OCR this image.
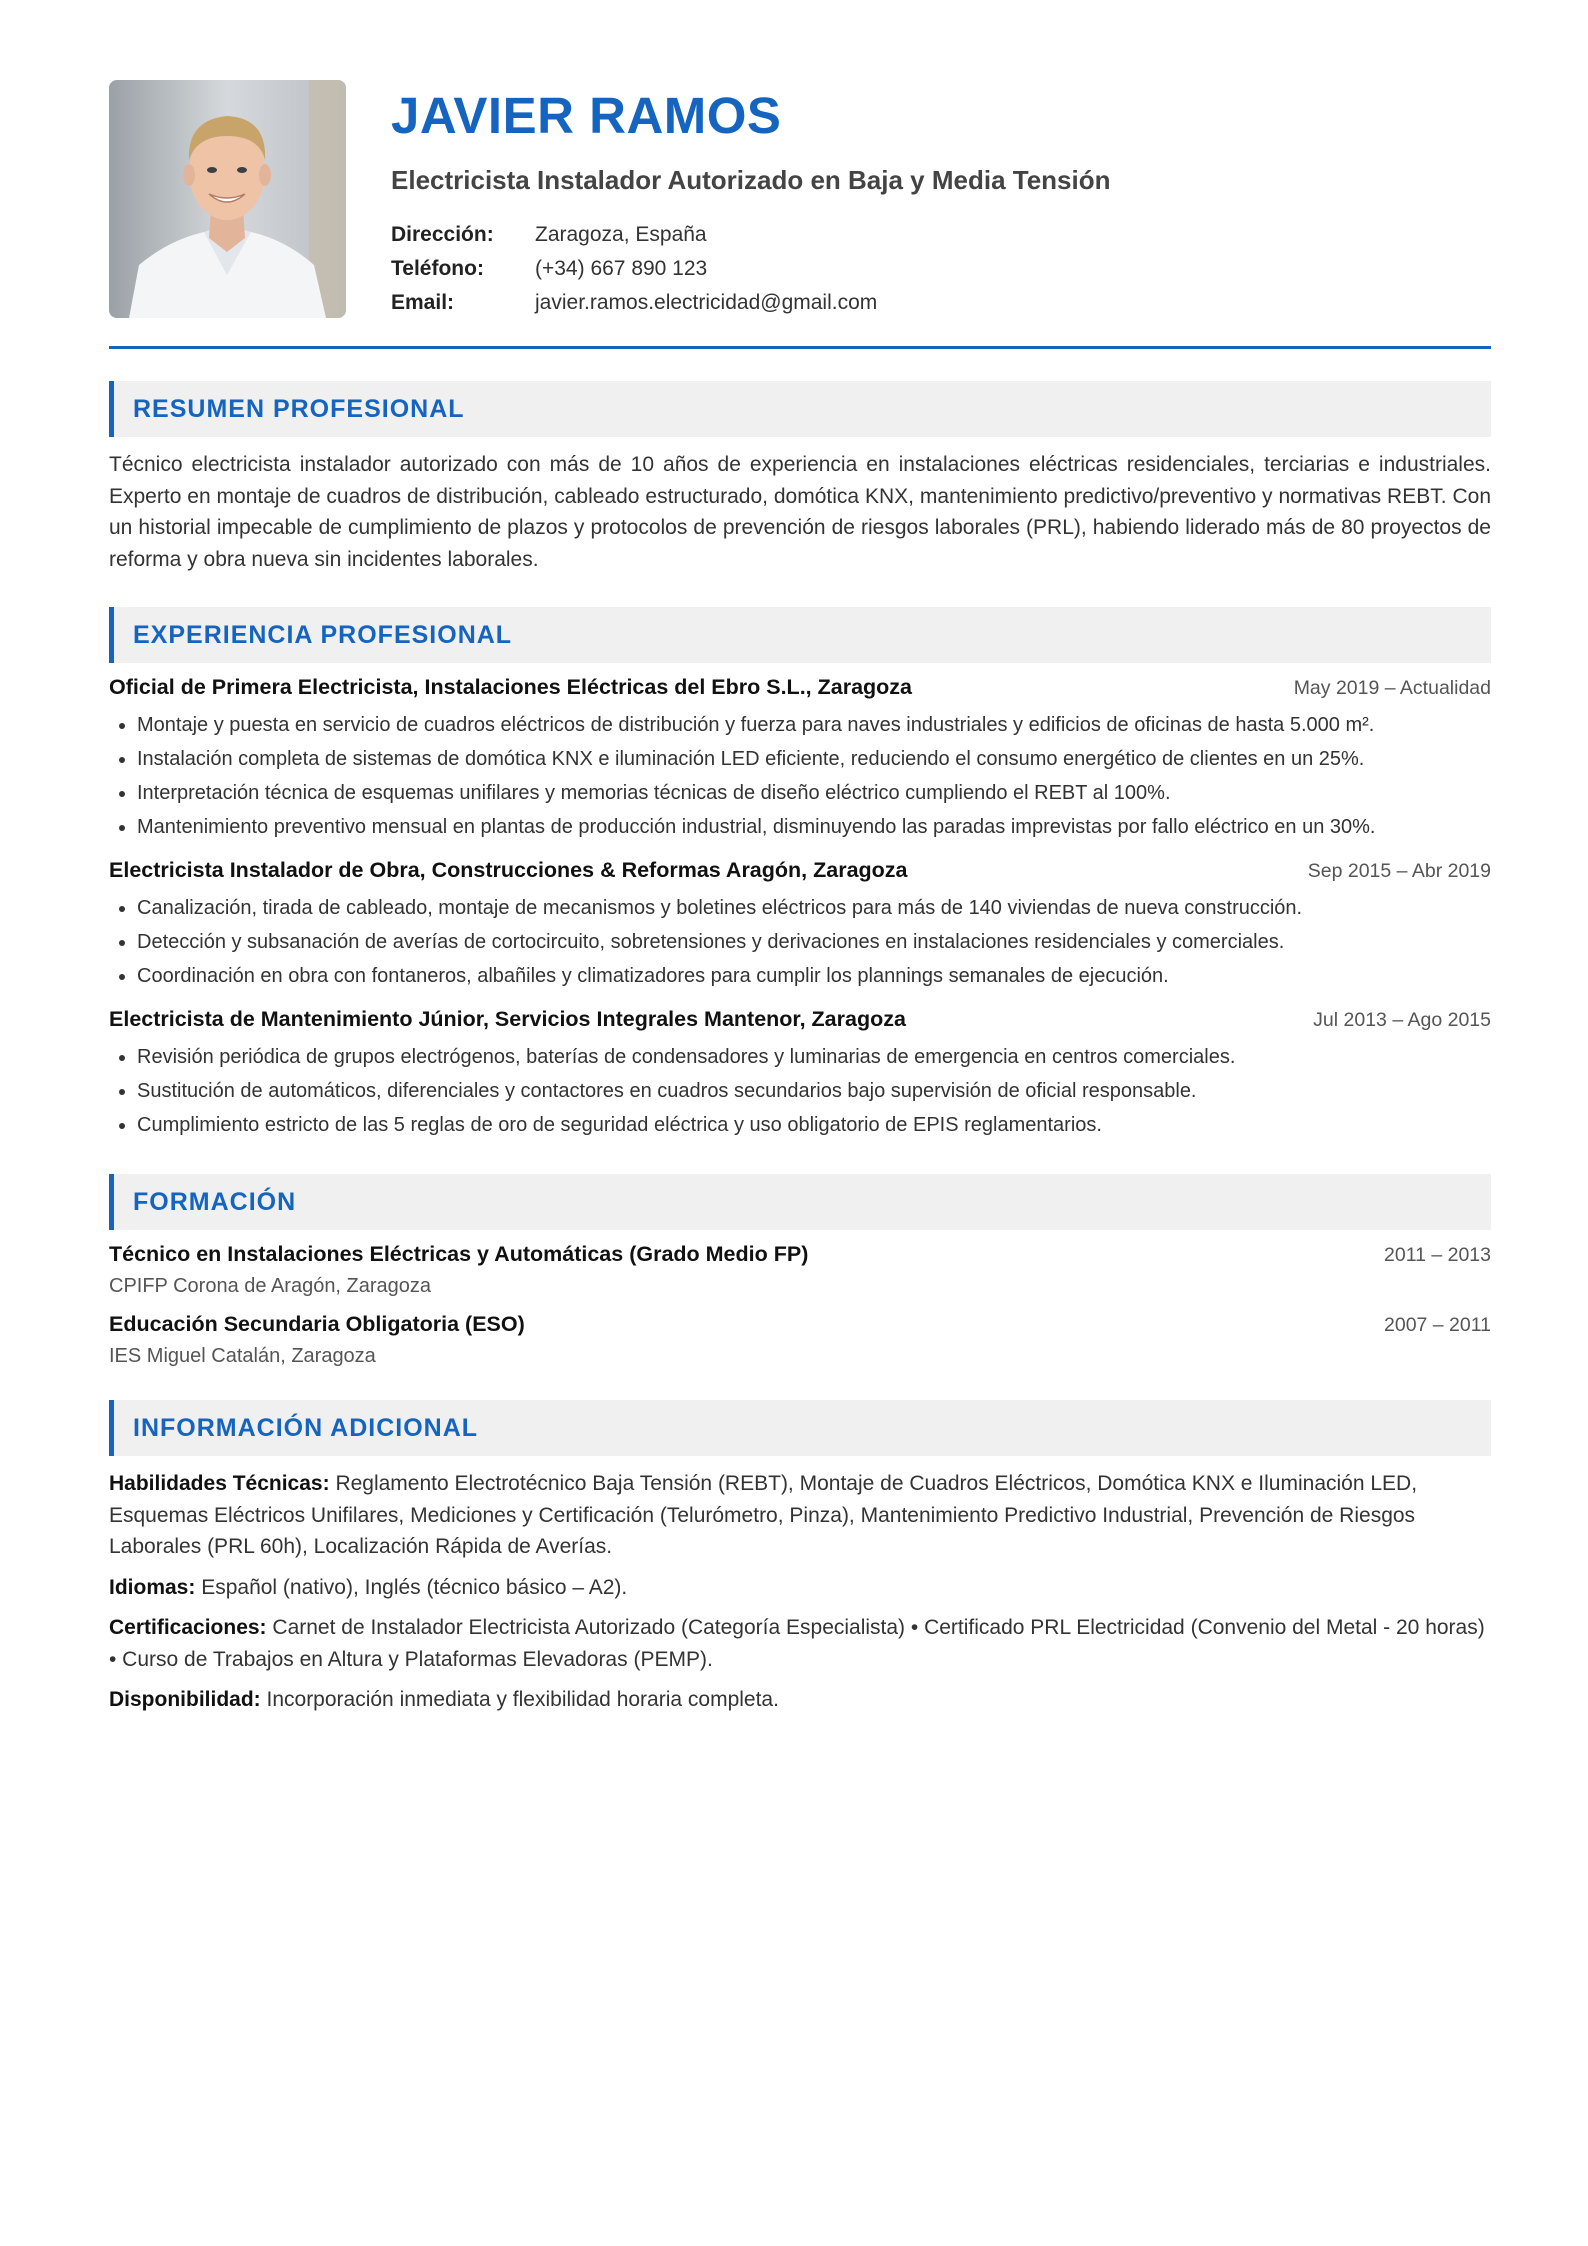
JAVIER RAMOS
Electricista Instalador Autorizado en Baja y Media Tensión
Dirección:	Zaragoza, España
Teléfono:	(+34) 667 890 123
Email:	javier.ramos.electricidad@gmail.com
RESUMEN PROFESIONAL

Técnico electricista instalador autorizado con más de 10 años de experiencia en instalaciones eléctricas residenciales, terciarias e industriales. Experto en montaje de cuadros de distribución, cableado estructurado, domótica KNX, mantenimiento predictivo/preventivo y normativas REBT. Con un historial impecable de cumplimiento de plazos y protocolos de prevención de riesgos laborales (PRL), habiendo liderado más de 80 proyectos de reforma y obra nueva sin incidentes laborales.

EXPERIENCIA PROFESIONAL
Oficial de Primera Electricista, Instalaciones Eléctricas del Ebro S.L., Zaragoza	May 2019 – Actualidad
• Montaje y puesta en servicio de cuadros eléctricos de distribución y fuerza para naves industriales y edificios de oficinas de hasta 5.000 m².
• Instalación completa de sistemas de domótica KNX e iluminación LED eficiente, reduciendo el consumo energético de clientes en un 25%.
• Interpretación técnica de esquemas unifilares y memorias técnicas de diseño eléctrico cumpliendo el REBT al 100%.
• Mantenimiento preventivo mensual en plantas de producción industrial, disminuyendo las paradas imprevistas por fallo eléctrico en un 30%.
Electricista Instalador de Obra, Construcciones & Reformas Aragón, Zaragoza	Sep 2015 – Abr 2019
• Canalización, tirada de cableado, montaje de mecanismos y boletines eléctricos para más de 140 viviendas de nueva construcción.
• Detección y subsanación de averías de cortocircuito, sobretensiones y derivaciones en instalaciones residenciales y comerciales.
• Coordinación en obra con fontaneros, albañiles y climatizadores para cumplir los plannings semanales de ejecución.
Electricista de Mantenimiento Júnior, Servicios Integrales Mantenor, Zaragoza	Jul 2013 – Ago 2015
• Revisión periódica de grupos electrógenos, baterías de condensadores y luminarias de emergencia en centros comerciales.
• Sustitución de automáticos, diferenciales y contactores en cuadros secundarios bajo supervisión de oficial responsable.
• Cumplimiento estricto de las 5 reglas de oro de seguridad eléctrica y uso obligatorio de EPIS reglamentarios.
FORMACIÓN
Técnico en Instalaciones Eléctricas y Automáticas (Grado Medio FP)	2011 – 2013
CPIFP Corona de Aragón, Zaragoza
Educación Secundaria Obligatoria (ESO)	2007 – 2011
IES Miguel Catalán, Zaragoza
INFORMACIÓN ADICIONAL

Habilidades Técnicas: Reglamento Electrotécnico Baja Tensión (REBT), Montaje de Cuadros Eléctricos, Domótica KNX e Iluminación LED, Esquemas Eléctricos Unifilares, Mediciones y Certificación (Telurómetro, Pinza), Mantenimiento Predictivo Industrial, Prevención de Riesgos Laborales (PRL 60h), Localización Rápida de Averías.

Idiomas: Español (nativo), Inglés (técnico básico – A2).

Certificaciones: Carnet de Instalador Electricista Autorizado (Categoría Especialista) • Certificado PRL Electricidad (Convenio del Metal - 20 horas) • Curso de Trabajos en Altura y Plataformas Elevadoras (PEMP).

Disponibilidad: Incorporación inmediata y flexibilidad horaria completa.
